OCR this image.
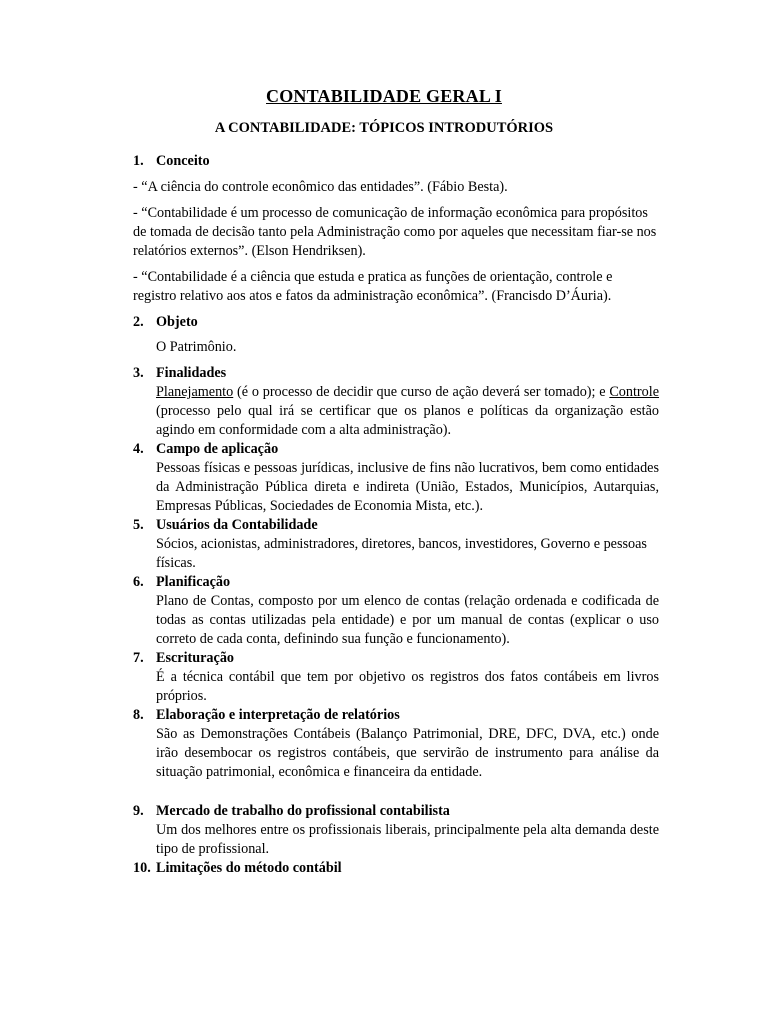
CONTABILIDADE GERAL I
A CONTABILIDADE: TÓPICOS INTRODUTÓRIOS
1. Conceito

- “A ciência do controle econômico das entidades”. (Fábio Besta).

- “Contabilidade é um processo de comunicação de informação econômica para propósitos de tomada de decisão tanto pela Administração como por aqueles que necessitam fiar-se nos relatórios externos”. (Elson Hendriksen).

- “Contabilidade é a ciência que estuda e pratica as funções de orientação, controle e registro relativo aos atos e fatos da administração econômica”. (Francisdo D’Áuria).

2. Objeto

O Patrimônio.

3. Finalidades

Planejamento (é o processo de decidir que curso de ação deverá ser tomado); e Controle (processo pelo qual irá se certificar que os planos e políticas da organização estão agindo em conformidade com a alta administração).

4. Campo de aplicação

Pessoas físicas e pessoas jurídicas, inclusive de fins não lucrativos, bem como entidades da Administração Pública direta e indireta (União, Estados, Municípios, Autarquias, Empresas Públicas, Sociedades de Economia Mista, etc.).

5. Usuários da Contabilidade

Sócios, acionistas, administradores, diretores, bancos, investidores, Governo e pessoas físicas.

6. Planificação

Plano de Contas, composto por um elenco de contas (relação ordenada e codificada de todas as contas utilizadas pela entidade) e por um manual de contas (explicar o uso correto de cada conta, definindo sua função e funcionamento).

7. Escrituração

É a técnica contábil que tem por objetivo os registros dos fatos contábeis em livros próprios.

8. Elaboração e interpretação de relatórios

São as Demonstrações Contábeis (Balanço Patrimonial, DRE, DFC, DVA, etc.) onde irão desembocar os registros contábeis, que servirão de instrumento para análise da situação patrimonial, econômica e financeira da entidade.

9. Mercado de trabalho do profissional contabilista

Um dos melhores entre os profissionais liberais, principalmente pela alta demanda deste tipo de profissional.

10. Limitações do método contábil
